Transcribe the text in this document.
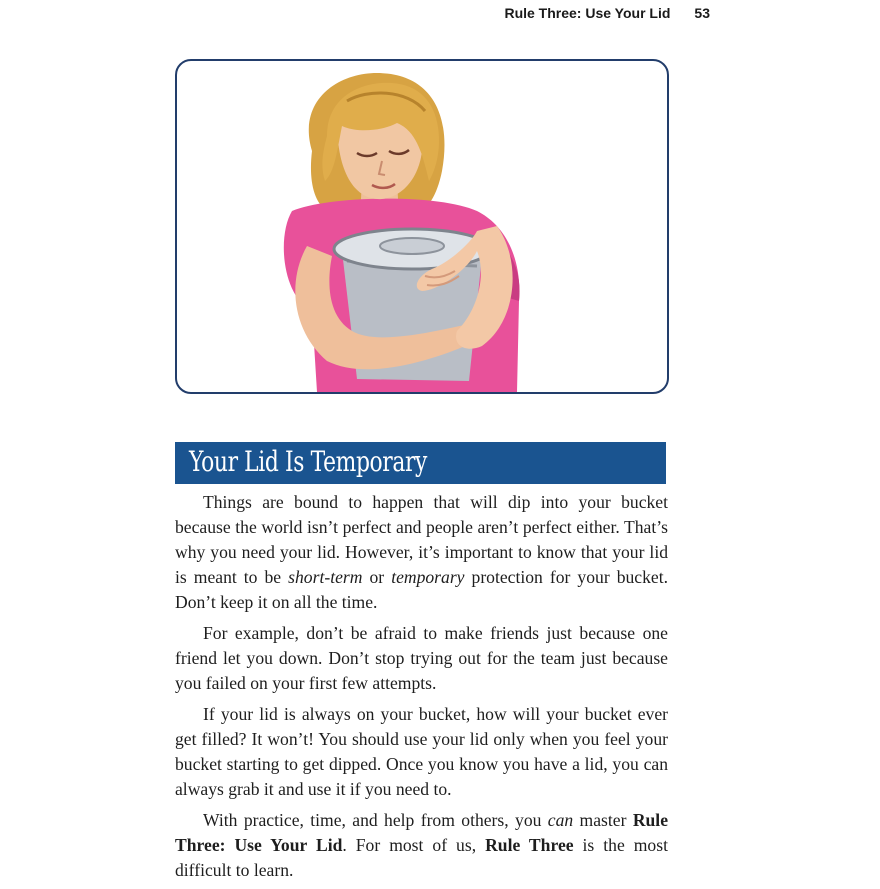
Rule Three: Use Your Lid 53
Your Lid Is Temporary

Things are bound to happen that will dip into your bucket because the world isn’t perfect and people aren’t perfect either. That’s why you need your lid. However, it’s important to know that your lid is meant to be short-term or temporary protection for your bucket. Don’t keep it on all the time.

For example, don’t be afraid to make friends just because one friend let you down. Don’t stop trying out for the team just because you failed on your first few attempts.

If your lid is always on your bucket, how will your bucket ever get filled? It won’t! You should use your lid only when you feel your bucket starting to get dipped. Once you know you have a lid, you can always grab it and use it if you need to.

With practice, time, and help from others, you can master Rule Three: Use Your Lid. For most of us, Rule Three is the most difficult to learn.
